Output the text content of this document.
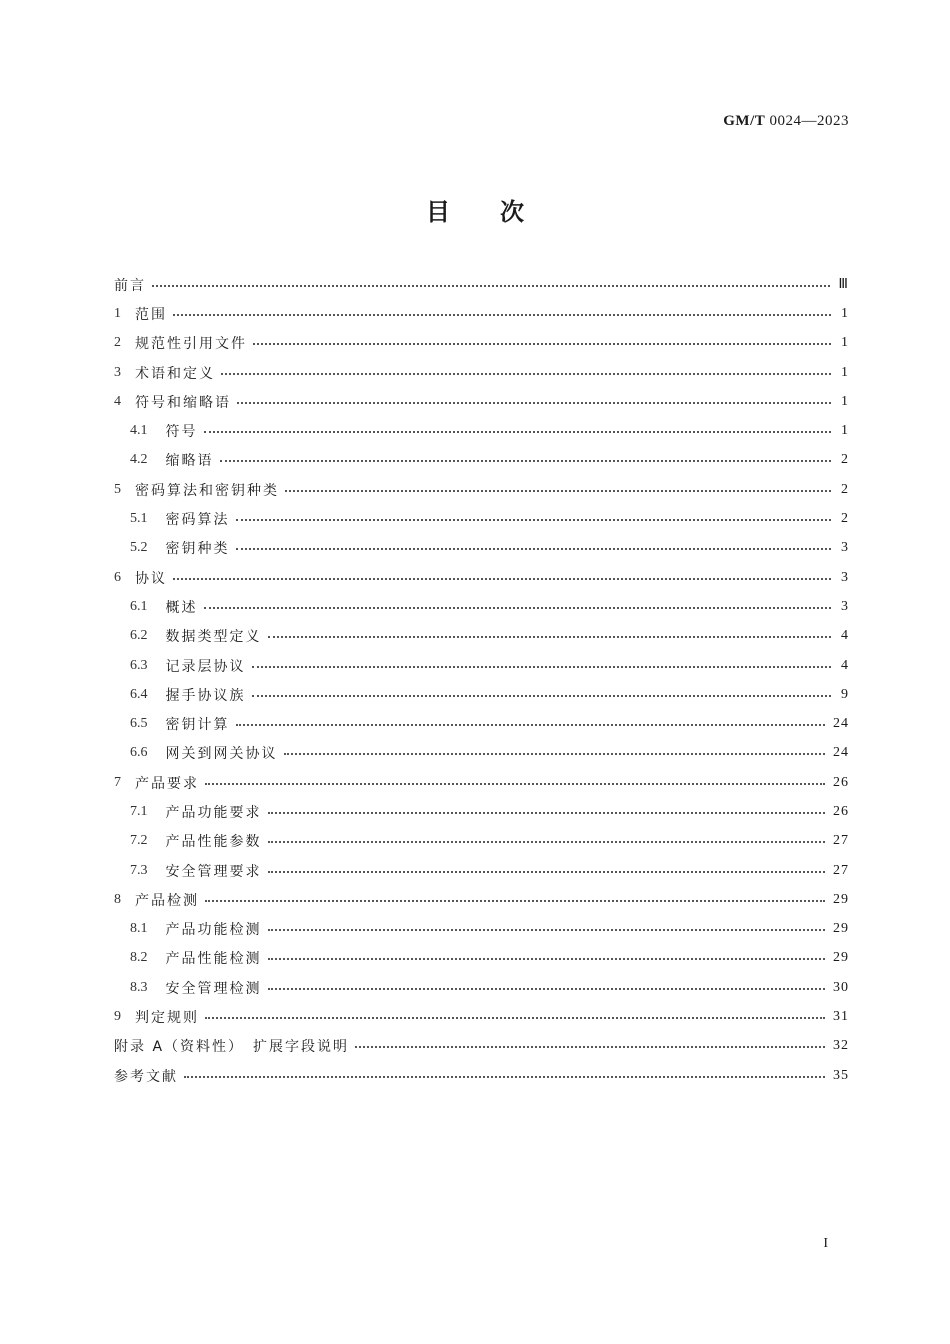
GM/T 0024—2023
目次
前言	Ⅲ
1 范围	1
2 规范性引用文件	1
3 术语和定义	1
4 符号和缩略语	1
4.1 符号	1
4.2 缩略语	2
5 密码算法和密钥种类	2
5.1 密码算法	2
5.2 密钥种类	3
6 协议	3
6.1 概述	3
6.2 数据类型定义	4
6.3 记录层协议	4
6.4 握手协议族	9
6.5 密钥计算	24
6.6 网关到网关协议	24
7 产品要求	26
7.1 产品功能要求	26
7.2 产品性能参数	27
7.3 安全管理要求	27
8 产品检测	29
8.1 产品功能检测	29
8.2 产品性能检测	29
8.3 安全管理检测	30
9 判定规则	31
附录 A（资料性）　扩展字段说明	32
参考文献	35
I
